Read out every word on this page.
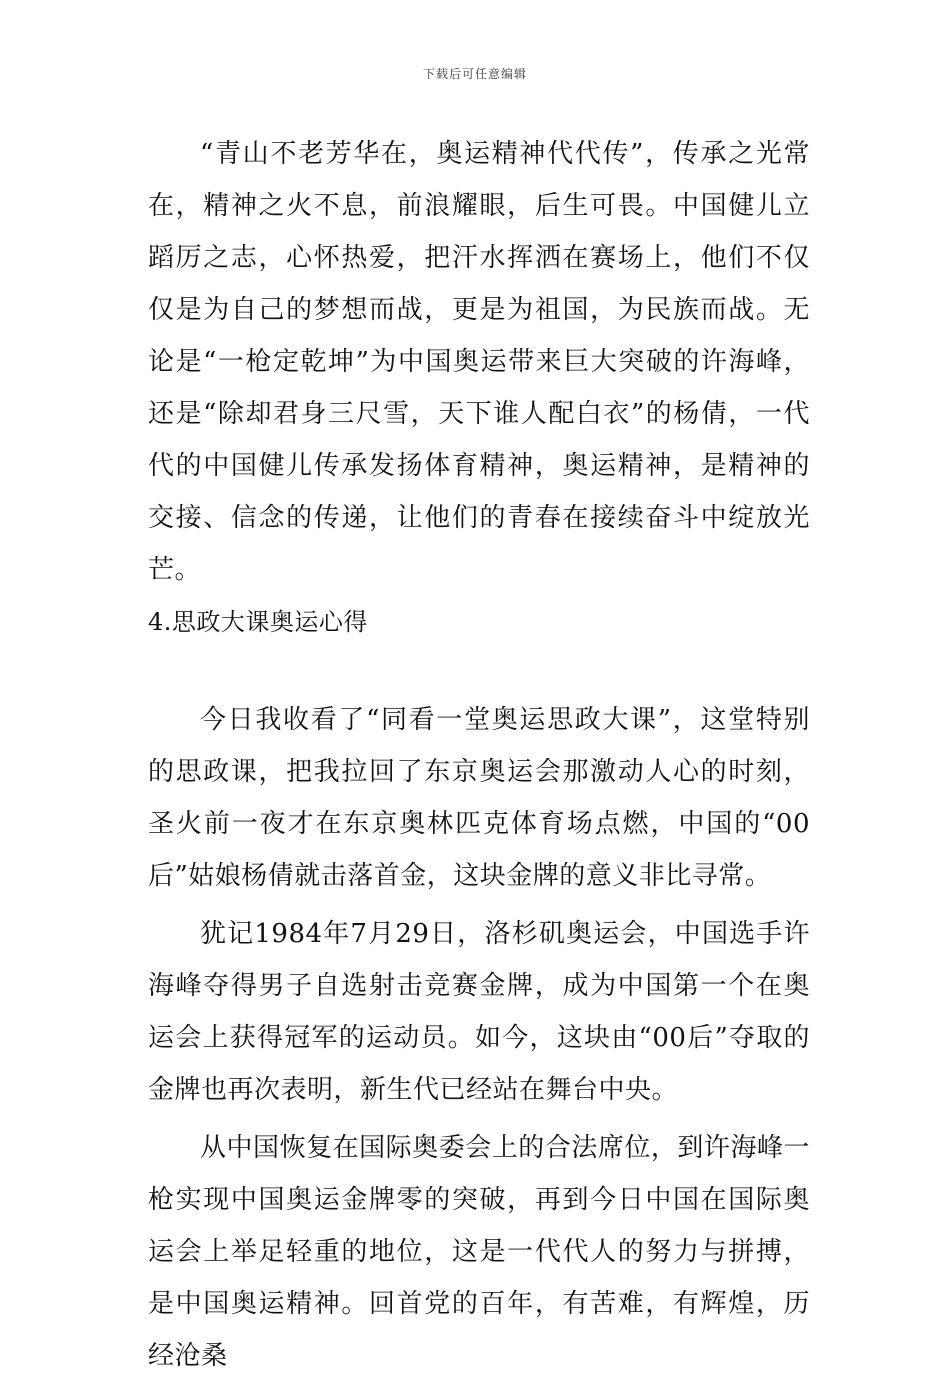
下载后可任意编辑

“青山不老芳华在，奥运精神代代传”，传承之光常在，精神之火不息，前浪耀眼，后生可畏。中国健儿立蹈厉之志，心怀热爱，把汗水挥洒在赛场上，他们不仅仅是为自己的梦想而战，更是为祖国，为民族而战。无论是“一枪定乾坤”为中国奥运带来巨大突破的许海峰，还是“除却君身三尺雪，天下谁人配白衣”的杨倩，一代代的中国健儿传承发扬体育精神，奥运精神，是精神的交接、信念的传递，让他们的青春在接续奋斗中绽放光芒。

4.思政大课奥运心得

今日我收看了“同看一堂奥运思政大课”，这堂特别的思政课，把我拉回了东京奥运会那激动人心的时刻，圣火前一夜才在东京奥林匹克体育场点燃，中国的“00后”姑娘杨倩就击落首金，这块金牌的意义非比寻常。

犹记1984年7月29日，洛杉矶奥运会，中国选手许海峰夺得男子自选射击竞赛金牌，成为中国第一个在奥运会上获得冠军的运动员。如今，这块由“00后”夺取的金牌也再次表明，新生代已经站在舞台中央。

从中国恢复在国际奥委会上的合法席位，到许海峰一枪实现中国奥运金牌零的突破，再到今日中国在国际奥运会上举足轻重的地位，这是一代代人的努力与拼搏，是中国奥运精神。回首党的百年，有苦难，有辉煌，历经沧桑
